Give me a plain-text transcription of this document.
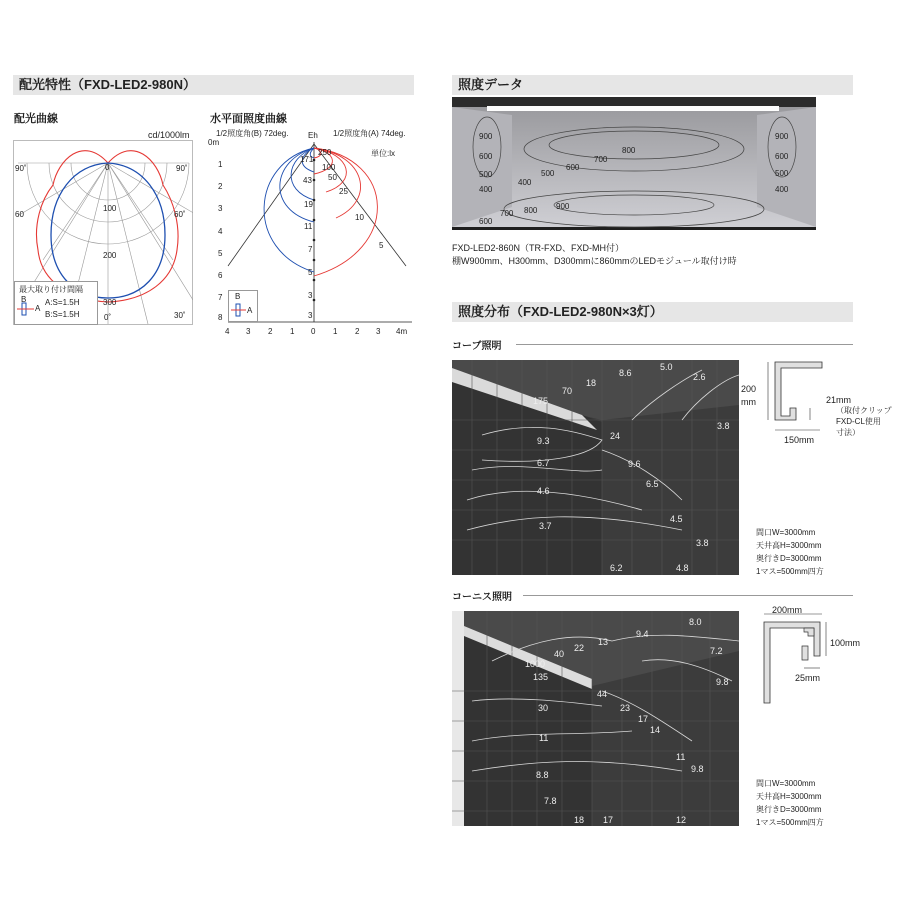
配光特性（FXD-LED2-980N）
配光曲線
cd/1000lm
90˚	90˚
60	60˚
0˚	30˚
0
100
200
300
最大取り付け間隔
B
A
A:S=1.5H
B:S=1.5H
水平面照度曲線
1/2照度角(B) 72deg.	1/2照度角(A) 74deg.
Eh
単位:lx
0m
1
2
3
4
5
6
7
8
4 3 2 1 0 1 2 3 4m
171
250
43
100
50
25
19
10
11
7	5
5
3
3
B
A
照度データ
900
800
600	700
500
600
400
500
400
700 800 900
600
900
600
500
400
FXD-LED2-860N（TR-FXD、FXD-MH付）
棚W900mm、H300mm、D300mmに860mmのLEDモジュール取付け時
照度分布（FXD-LED2-980N×3灯）
コーブ照明
8.6
5.0
2.6
18
70
175
24
9.3
3.8
9.6
6.7
6.5
4.6
4.5
3.7
3.8
6.2	4.8
200
mm	21mm
（取付クリップ
FXD-CL使用
寸法）
150mm
間口W=3000mm
天井高H=3000mm
奥行きD=3000mm
1マス=500mm四方
コーニス照明
9.4
8.0
13
22
40	7.2
1000
135
44
9.8
30	23
17
14
11
11
9.8
8.8
7.8
18 17	12
200mm
100mm
25mm
間口W=3000mm
天井高H=3000mm
奥行きD=3000mm
1マス=500mm四方
